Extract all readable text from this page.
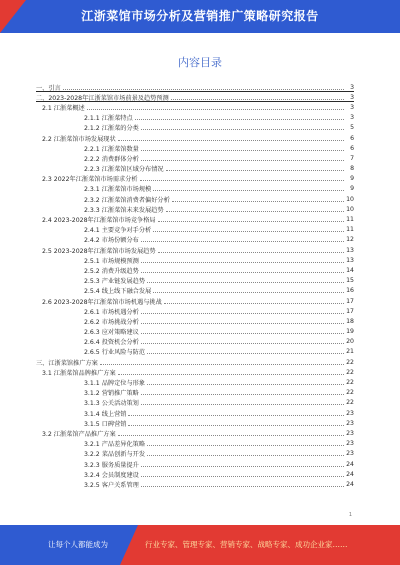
江浙菜馆市场分析及营销推广策略研究报告
内容目录
一、引言	3
二、2023-2028年江浙菜馆市场前景及趋势预测	3
2.1 江浙菜概述	3
2.1.1 江浙菜特点	3
2.1.2 江浙菜的分类	5
2.2 江浙菜馆市场发展现状	6
2.2.1 江浙菜馆数量	6
2.2.2 消费群体分析	7
2.2.3 江浙菜馆区域分布情况	8
2.3 2022年江浙菜馆市场需求分析	9
2.3.1 江浙菜馆市场规模	9
2.3.2 江浙菜馆消费者偏好分析	10
2.3.3 江浙菜馆未来发展趋势	10
2.4 2023-2028年江浙菜馆市场竞争格局	11
2.4.1 主要竞争对手分析	11
2.4.2 市场份额分布	12
2.5 2023-2028年江浙菜馆市场发展趋势	13
2.5.1 市场规模预测	13
2.5.2 消费升级趋势	14
2.5.3 产业链发展趋势	15
2.5.4 线上线下融合发展	16
2.6 2023-2028年江浙菜馆市场机遇与挑战	17
2.6.1 市场机遇分析	17
2.6.2 市场挑战分析	18
2.6.3 应对策略建议	19
2.6.4 投资机会分析	20
2.6.5 行业风险与防范	21
三、江浙菜馆推广方案	22
3.1 江浙菜馆品牌推广方案	22
3.1.1 品牌定位与形象	22
3.1.2 营销推广策略	22
3.1.3 公关活动策划	22
3.1.4 线上营销	23
3.1.5 口碑营销	23
3.2 江浙菜馆产品推广方案	23
3.2.1 产品差异化策略	23
3.2.2 菜品创新与开发	23
3.2.3 服务质量提升	24
3.2.4 会员制度建设	24
3.2.5 客户关系管理	24
1
让每个人都能成为	行业专家、管理专家、营销专家、战略专家、成功企业家……
